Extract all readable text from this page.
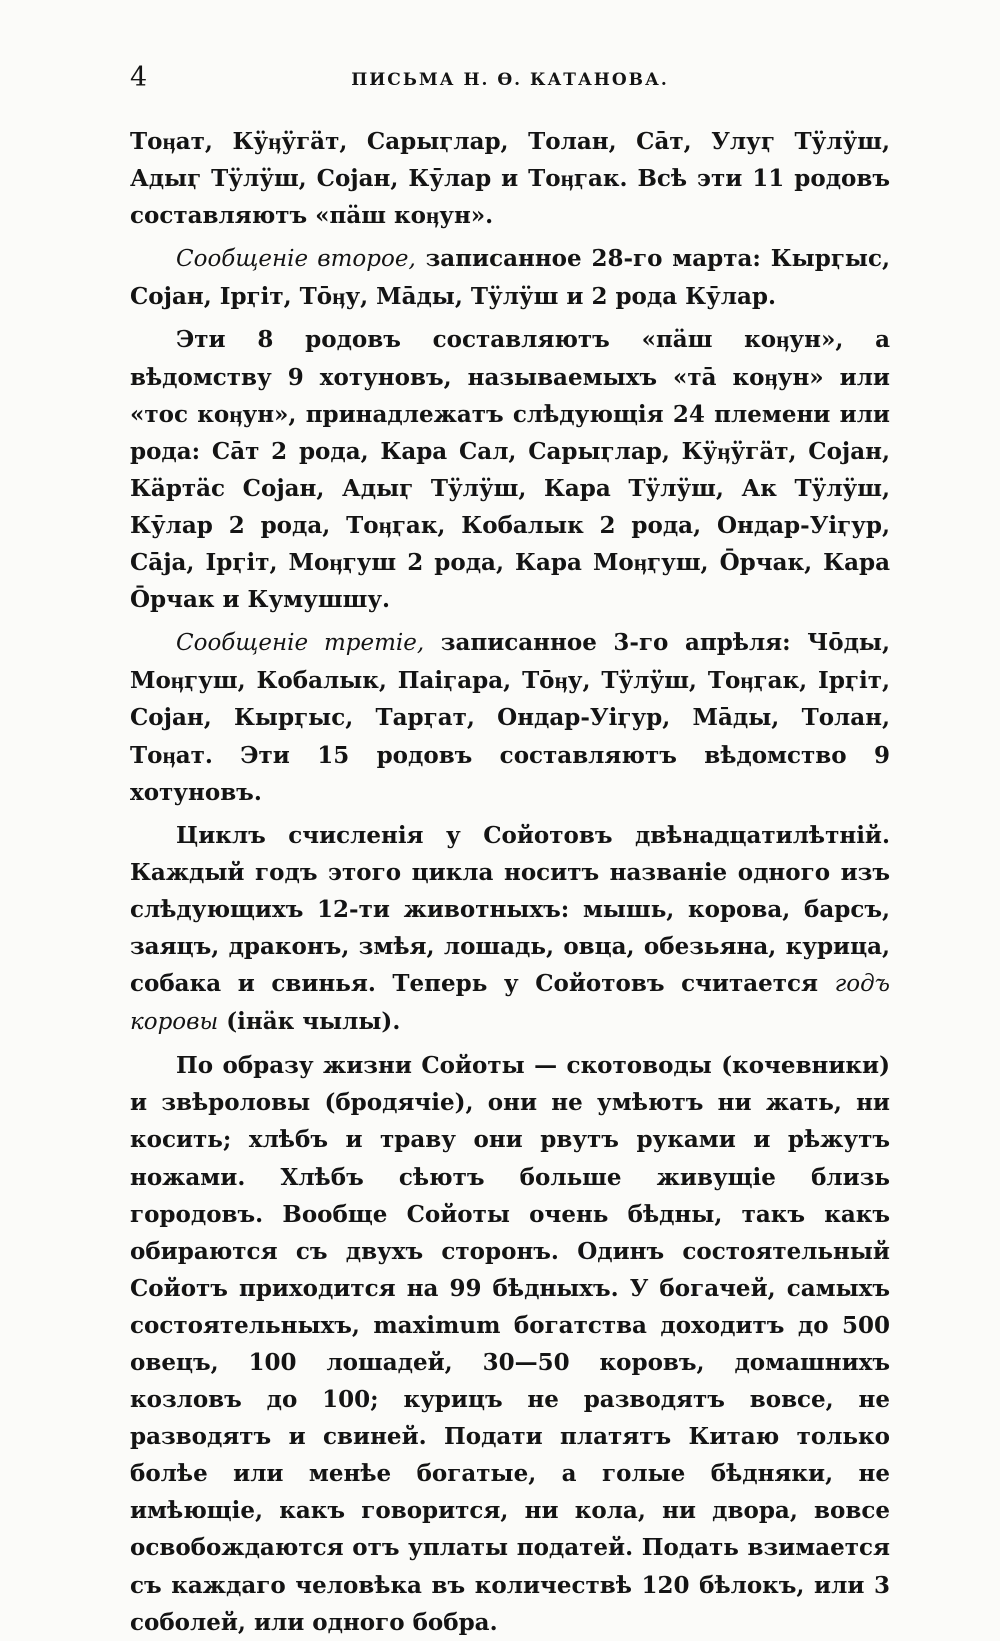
4	ПИСЬМА Н. Ѳ. КАТАНОВА.

Тоӊат, Кӱӊӱгӓт, Сарыӷлар, Толан, Сāт, Улуӷ Тӱлӱш, Адыӷ Тӱлӱш, Сојан, Кӯлар и Тоӊӷак. Всѣ эти 11 родовъ составляютъ «пӓш коӊун».

Сообщенiе второе, записанное 28-го марта: Кырӷыс, Сојан, Ірӷiт, Тōӊу, Māды, Тӱлӱш и 2 рода Кӯлар.

Эти 8 родовъ составляютъ «пӓш коӊун», а вѣдомству 9 хотуновъ, называемыхъ «тā коӊун» или «тос коӊун», принадлежатъ слѣдующiя 24 племени или рода: Сāт 2 рода, Кара Сал, Сарыӷлар, Кӱӊӱгӓт, Сојан, Кӓртӓс Сојан, Адыӷ Тӱлӱш, Кара Тӱлӱш, Ак Тӱлӱш, Кӯлар 2 рода, Тоӊӷак, Кобалык 2 рода, Ондар-Уiӷур, Сāја, Ірӷiт, Моӊӷуш 2 рода, Кара Моӊӷуш, Ōрчак, Кара Ōрчак и Кумушшу.

Сообщенiе третiе, записанное 3-го апрѣля: Чōды, Моӊӷуш, Кобалык, Паiӷара, Тōӊу, Тӱлӱш, Тоӊӷак, Ірӷiт, Сојан, Кырӷыс, Тарӷат, Ондар-Уiӷур, Māды, Толан, Тоӊат. Эти 15 родовъ составляютъ вѣдомство 9 хотуновъ.

Циклъ счисленiя у Сойотовъ двѣнадцатилѣтнiй. Каждый годъ этого цикла носитъ названiе одного изъ слѣдующихъ 12-ти животныхъ: мышь, корова, барсъ, заяцъ, драконъ, змѣя, лошадь, овца, обезьяна, курица, собака и свинья. Теперь у Сойотовъ считается годъ коровы (iнӓк чылы).

По образу жизни Сойоты — скотоводы (кочевники) и звѣроловы (бродячiе), они не умѣютъ ни жать, ни косить; хлѣбъ и траву они рвутъ руками и рѣжутъ ножами. Хлѣбъ сѣютъ больше живущiе близь городовъ. Вообще Сойоты очень бѣдны, такъ какъ обираются съ двухъ сторонъ. Одинъ состоятельный Сойотъ приходится на 99 бѣдныхъ. У богачей, самыхъ состоятельныхъ, maximum богатства доходитъ до 500 овецъ, 100 лошадей, 30—50 коровъ, домашнихъ козловъ до 100; курицъ не разводятъ вовсе, не разводятъ и свиней. Подати платятъ Китаю только болѣе или менѣе богатые, а голые бѣдняки, не имѣющiе, какъ говорится, ни кола, ни двора, вовсе освобождаются отъ уплаты податей. Подать взимается съ каждаго человѣка въ количествѣ 120 бѣлокъ, или 3 соболей, или одного бобра.
